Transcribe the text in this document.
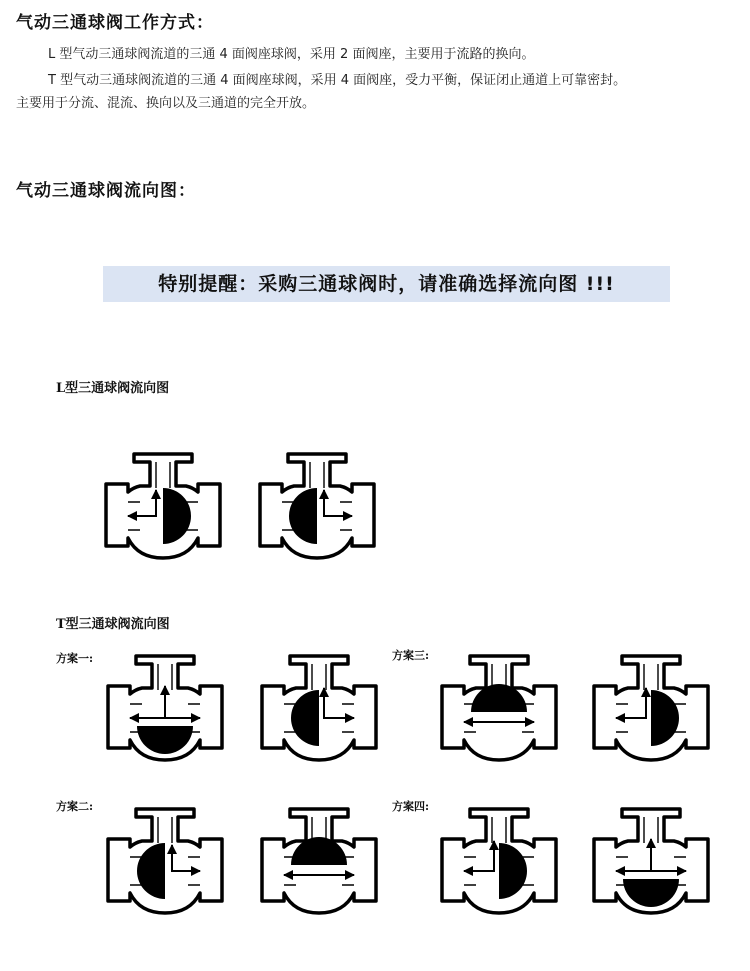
气动三通球阀工作方式：
L 型气动三通球阀流道的三通 4 面阀座球阀，采用 2 面阀座，主要用于流路的换向。
T 型气动三通球阀流道的三通 4 面阀座球阀，采用 4 面阀座，受力平衡，保证闭止通道上可靠密封。
主要用于分流、混流、换向以及三通道的完全开放。
气动三通球阀流向图：
特别提醒：采购三通球阀时，请准确选择流向图 !!!
L型三通球阀流向图
T型三通球阀流向图
方案一:	方案三:
方案二:	方案四:
